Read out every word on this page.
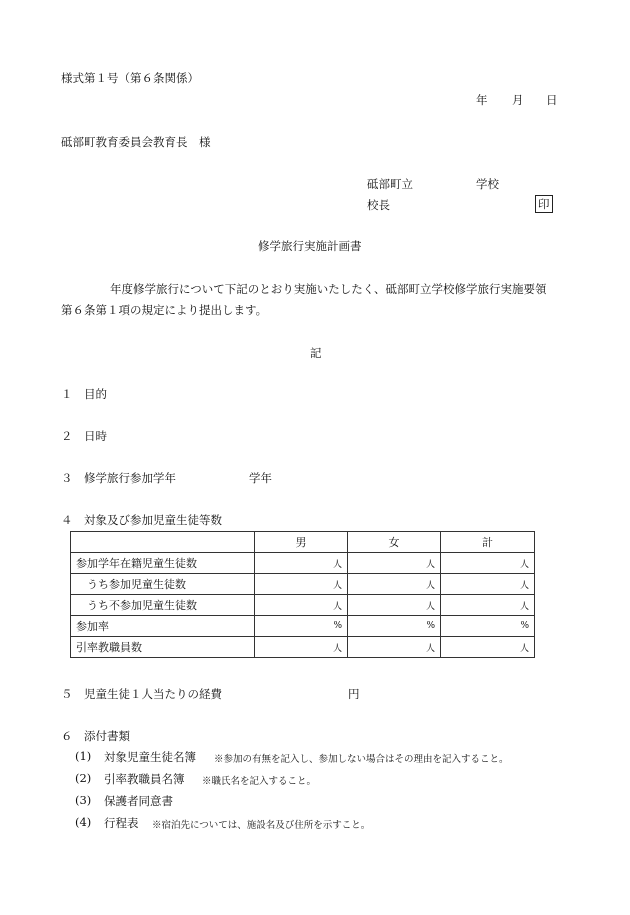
様式第１号（第６条関係）
年 月 日
砥部町教育委員会教育長　様
砥部町立	学校
校長	印
修学旅行実施計画書
年度修学旅行について下記のとおり実施いたしたく、砥部町立学校修学旅行実施要領
第６条第１項の規定により提出します。
記
１　目的
２　日時
３　修学旅行参加学年	学年
４　対象及び参加児童生徒等数
	男	女	計
参加学年在籍児童生徒数	人	人	人
うち参加児童生徒数	人	人	人
うち不参加児童生徒数	人	人	人
参加率	%	%	%
引率教職員数	人	人	人
５　児童生徒１人当たりの経費	円
６　添付書類
(1) 対象児童生徒名簿 ※参加の有無を記入し、参加しない場合はその理由を記入すること。
(2) 引率教職員名簿 ※職氏名を記入すること。
(3) 保護者同意書
(4) 行程表 ※宿泊先については、施設名及び住所を示すこと。
